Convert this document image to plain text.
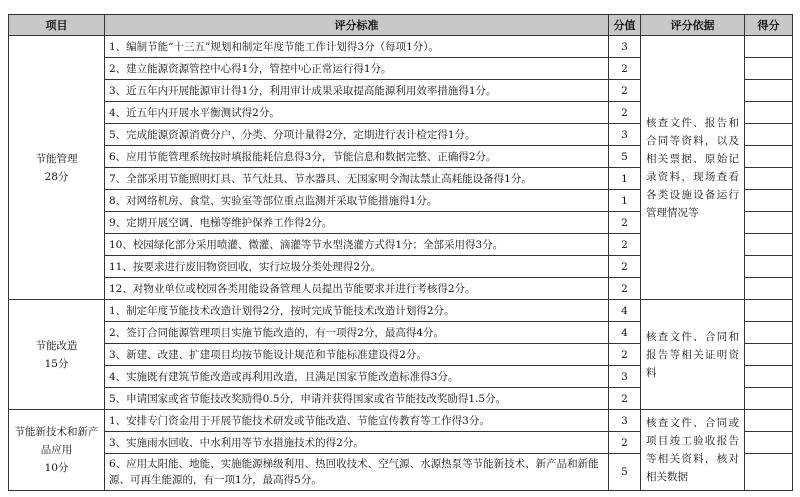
项目	评分标准	分值	评分依据	得分

节能管理
28分	1、编制节能“十三五”规划和制定年度节能工作计划得3分（每项1分）。	3	核查文件、报告和合同等资料，以及相关票据、原始记录资料，现场查看各类设施设备运行管理情况等	
	2、建立能源资源管控中心得1分，管控中心正常运行得1分。	2		
	3、近五年内开展能源审计得1分，利用审计成果采取提高能源利用效率措施得1分。	2		
	4、近五年内开展水平衡测试得2分。	2		
	5、完成能源资源消费分户、分类、分项计量得2分，定期进行表计检定得1分。	3		
	6、应用节能管理系统按时填报能耗信息得3分，节能信息和数据完整、正确得2分。	5		
	7、全部采用节能照明灯具、节气灶具、节水器具、无国家明令淘汰禁止高耗能设备得1分。	1		
	8、对网络机房、食堂、实验室等部位重点监测并采取节能措施得1分。	1		
	9、定期开展空调、电梯等维护保养工作得2分。	2		
	10、校园绿化部分采用喷灌、微灌、滴灌等节水型浇灌方式得1分；全部采用得3分。	2		
	11、按要求进行废旧物资回收，实行垃圾分类处理得2分。	2		
	12、对物业单位或校园各类用能设备管理人员提出节能要求并进行考核得2分。	2		

节能改造
15分	1、制定年度节能技术改造计划得2分，按时完成节能技术改造计划得2分。	4	核查文件、合同和报告等相关证明资料	
	2、签订合同能源管理项目实施节能改造的，有一项得2分，最高得4分。	4		
	3、新建、改建、扩建项目均按节能设计规范和节能标准建设得2分。	2		
	4、实施既有建筑节能改造或再利用改造，且满足国家节能改造标准得3分。	3		
	5、申请国家或省节能技改奖励得0.5分，申请并获得国家或省节能技改奖励得1.5分。	2		

节能新技术和新产品应用
10分	1、安排专门资金用于开展节能技术研发或节能改造、节能宣传教育等工作得3分。	3	核查文件、合同或项目竣工验收报告等相关资料，核对相关数据	
	3、实施雨水回收、中水利用等节水措施技术的得2分。	2		
	6、应用太阳能、地能、实施能源梯级利用、热回收技术、空气源、水源热泵等节能新技术、新产品和新能源、可再生能源的，有一项1分，最高得5分。	5		
